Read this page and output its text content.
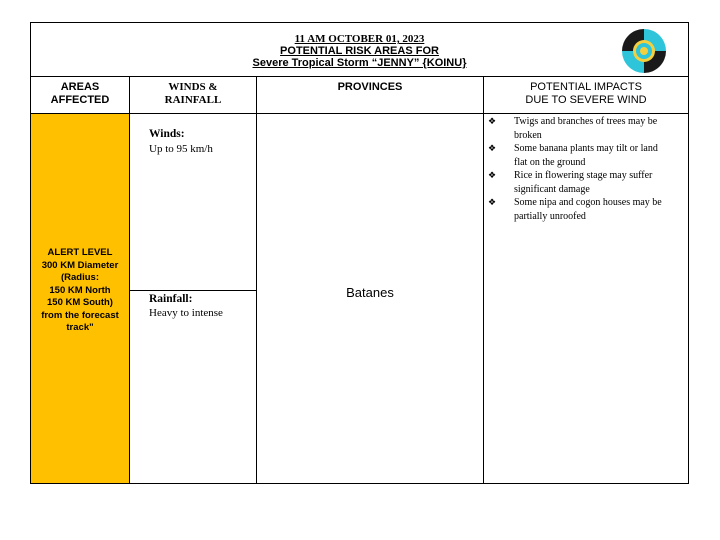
11 AM OCTOBER 01, 2023
POTENTIAL RISK AREAS FOR
Severe Tropical Storm “JENNY” {KOINU}
AREAS
AFFECTED
WINDS &
RAINFALL
PROVINCES	POTENTIAL IMPACTS
DUE TO SEVERE WIND
ALERT LEVEL
300 KM Diameter
(Radius:
150 KM North
150 KM South)
from the forecast
track"
Winds:
Up to 95 km/h
Rainfall:
Heavy to intense
Batanes
❖ Twigs and branches of trees may be
broken
❖ Some banana plants may tilt or land
flat on the ground
❖ Rice in flowering stage may suffer
significant damage
❖ Some nipa and cogon houses may be
partially unroofed
